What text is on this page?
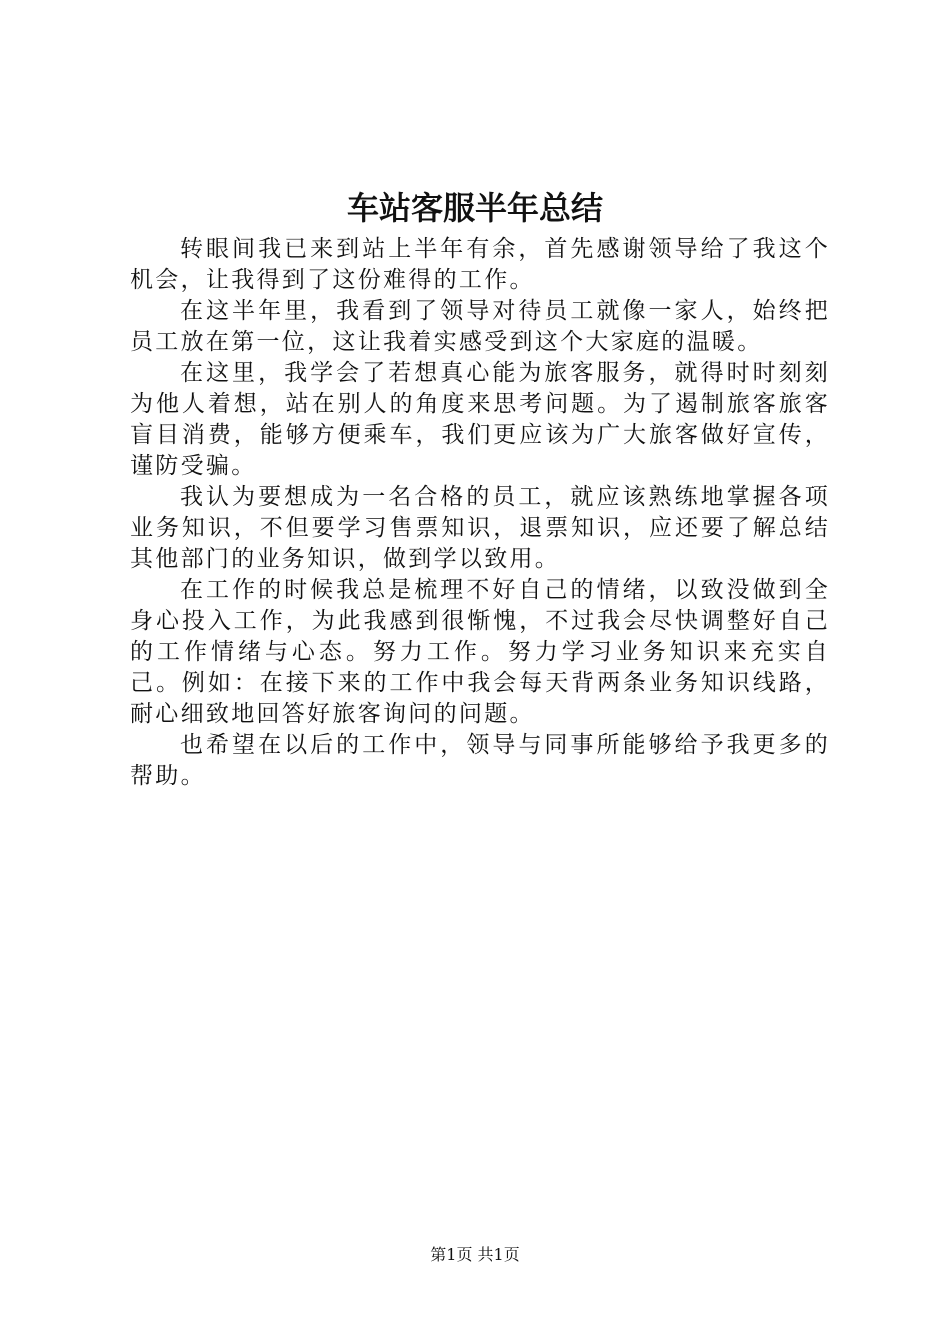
车站客服半年总结

转眼间我已来到站上半年有余，首先感谢领导给了我这个机会，让我得到了这份难得的工作。

在这半年里，我看到了领导对待员工就像一家人，始终把员工放在第一位，这让我着实感受到这个大家庭的温暖。

在这里，我学会了若想真心能为旅客服务，就得时时刻刻为他人着想，站在别人的角度来思考问题。为了遏制旅客旅客盲目消费，能够方便乘车，我们更应该为广大旅客做好宣传，谨防受骗。

我认为要想成为一名合格的员工，就应该熟练地掌握各项业务知识，不但要学习售票知识，退票知识，应还要了解总结其他部门的业务知识，做到学以致用。

在工作的时候我总是梳理不好自己的情绪，以致没做到全身心投入工作，为此我感到很惭愧，不过我会尽快调整好自己的工作情绪与心态。努力工作。努力学习业务知识来充实自己。例如：在接下来的工作中我会每天背两条业务知识线路，耐心细致地回答好旅客询问的问题。

也希望在以后的工作中，领导与同事所能够给予我更多的帮助。

第1页 共1页
